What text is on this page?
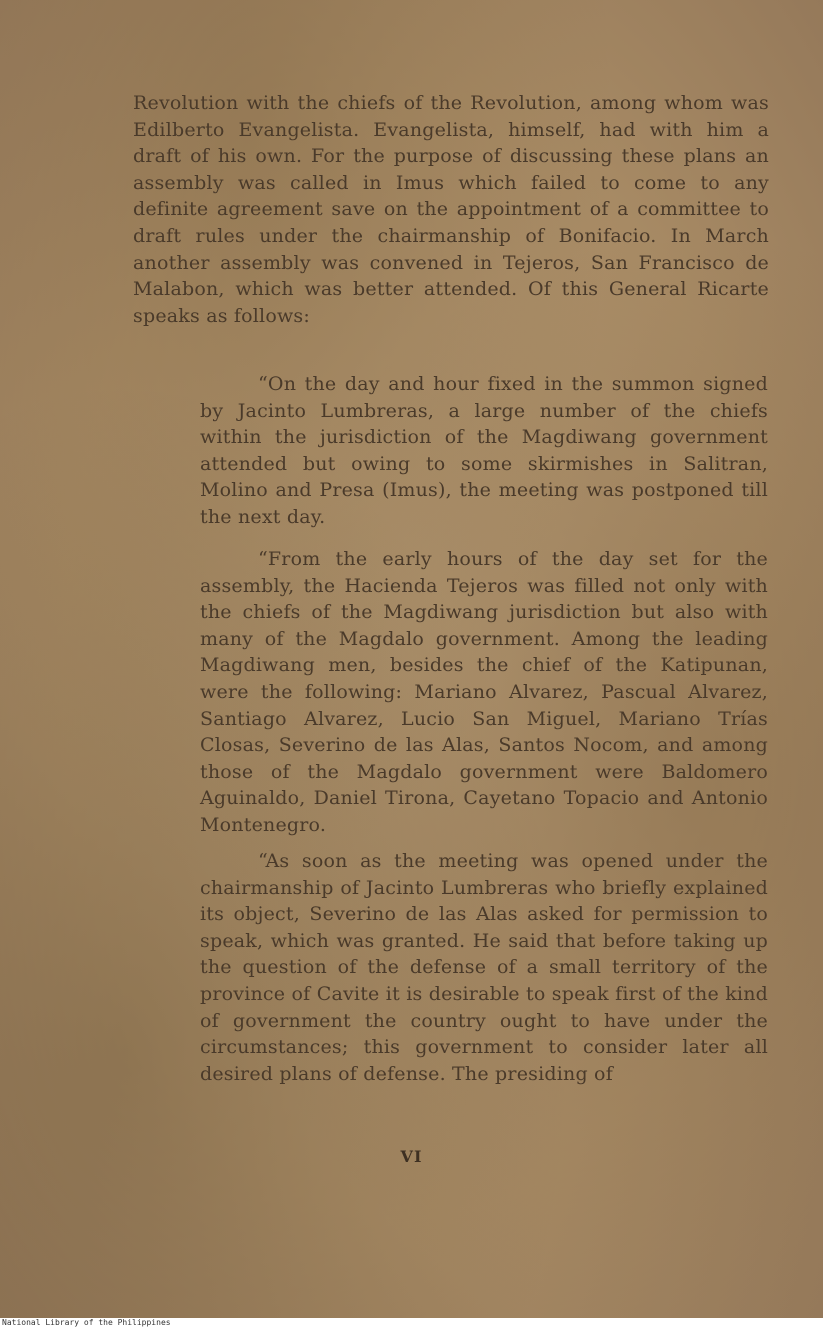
Revolution with the chiefs of the Revolution, among whom was Edilberto Evangelista. Evangelista, himself, had with him a draft of his own. For the purpose of discussing these plans an assembly was called in Imus which failed to come to any definite agreement save on the appointment of a committee to draft rules under the chairmanship of Bonifacio. In March another assembly was convened in Tejeros, San Francisco de Malabon, which was better attended. Of this General Ricarte speaks as follows:

“On the day and hour fixed in the summon signed by Jacinto Lumbreras, a large number of the chiefs within the jurisdiction of the Magdiwang government attended but owing to some skirmishes in Salitran, Molino and Presa (Imus), the meeting was postponed till the next day.

“From the early hours of the day set for the assembly, the Hacienda Tejeros was filled not only with the chiefs of the Magdiwang jurisdiction but also with many of the Magdalo government. Among the leading Magdiwang men, besides the chief of the Katipunan, were the following: Mariano Alvarez, Pascual Alvarez, Santiago Alvarez, Lucio San Miguel, Mariano Trías Closas, Severino de las Alas, Santos Nocom, and among those of the Magdalo government were Baldomero Aguinaldo, Daniel Tirona, Cayetano Topacio and Antonio Montenegro.

“As soon as the meeting was opened under the chairmanship of Jacinto Lumbreras who briefly explained its object, Severino de las Alas asked for permission to speak, which was granted. He said that before taking up the question of the defense of a small territory of the province of Cavite it is desirable to speak first of the kind of government the country ought to have under the circumstances; this government to consider later all desired plans of defense. The presiding of

VI
National Library of the Philippines
